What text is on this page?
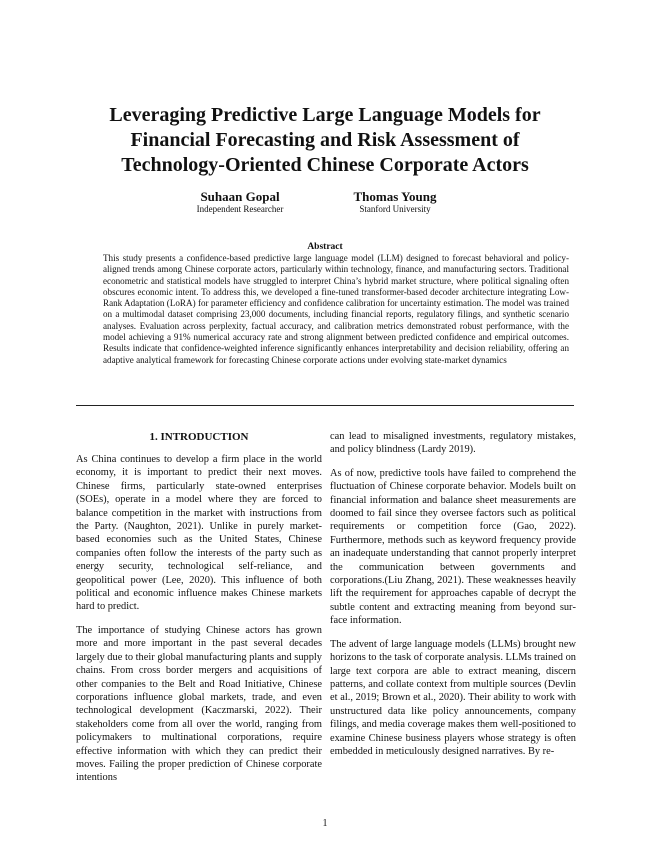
Leveraging Predictive Large Language Models for Financial Forecasting and Risk Assessment of Technology-Oriented Chinese Corporate Actors
Suhaan Gopal
Independent Researcher
Thomas Young
Stanford University
Abstract
This study presents a confidence-based predictive large language model (LLM) designed to forecast behavioral and policy-aligned trends among Chinese corporate actors, particularly within technology, finance, and manufacturing sectors. Traditional econometric and statistical models have struggled to interpret China’s hybrid market structure, where political signaling often obscures economic intent. To address this, we developed a fine-tuned transformer-based decoder architecture integrating Low-Rank Adaptation (LoRA) for parameter efficiency and confidence calibration for uncertainty estimation. The model was trained on a multimodal dataset comprising 23,000 documents, including financial reports, regulatory filings, and synthetic scenario analyses. Evaluation across perplexity, factual accuracy, and calibration metrics demonstrated robust performance, with the model achieving a 91% numerical accuracy rate and strong alignment between predicted confidence and empirical outcomes. Results indicate that confidence-weighted inference significantly enhances interpretability and decision reliability, offering an adaptive analytical framework for forecasting Chinese corporate actions under evolving state-market dynamics
1. INTRODUCTION

As China continues to develop a firm place in the world economy, it is important to predict their next moves. Chinese firms, particularly state-owned enterprises (SOEs), operate in a model where they are forced to balance competition in the market with instructions from the Party. (Naughton, 2021). Unlike in purely market-based economies such as the United States, Chinese companies often follow the interests of the party such as energy security, technological self-reliance, and geopolitical power (Lee, 2020). This influence of both political and economic influence makes Chinese markets hard to predict.

The importance of studying Chinese actors has grown more and more important in the past several decades largely due to their global manufacturing plants and supply chains. From cross border mergers and acquisitions of other companies to the Belt and Road Initiative, Chinese corporations influence global markets, trade, and even technological development (Kaczmarski, 2022). Their stakeholders come from all over the world, ranging from policymakers to multinational corporations, require effective information with which they can predict their moves. Failing the proper prediction of Chinese corporate intentions

can lead to misaligned investments, regulatory mistakes, and policy blindness (Lardy 2019).

As of now, predictive tools have failed to comprehend the fluctuation of Chinese corporate behavior. Models built on financial information and balance sheet measurements are doomed to fail since they oversee factors such as political requirements or competition force (Gao, 2022). Furthermore, methods such as keyword frequency provide an inadequate understanding that cannot properly interpret the communication between governments and corporations.(Liu Zhang, 2021). These weaknesses heavily lift the requirement for approaches capable of decrypt the subtle content and extracting meaning from beyond surface information.

The advent of large language models (LLMs) brought new horizons to the task of corporate analysis. LLMs trained on large text corpora are able to extract meaning, discern patterns, and collate context from multiple sources (Devlin et al., 2019; Brown et al., 2020). Their ability to work with unstructured data like policy announcements, company filings, and media coverage makes them well-positioned to examine Chinese business players whose strategy is often embedded in meticulously designed narratives. By re-

1
